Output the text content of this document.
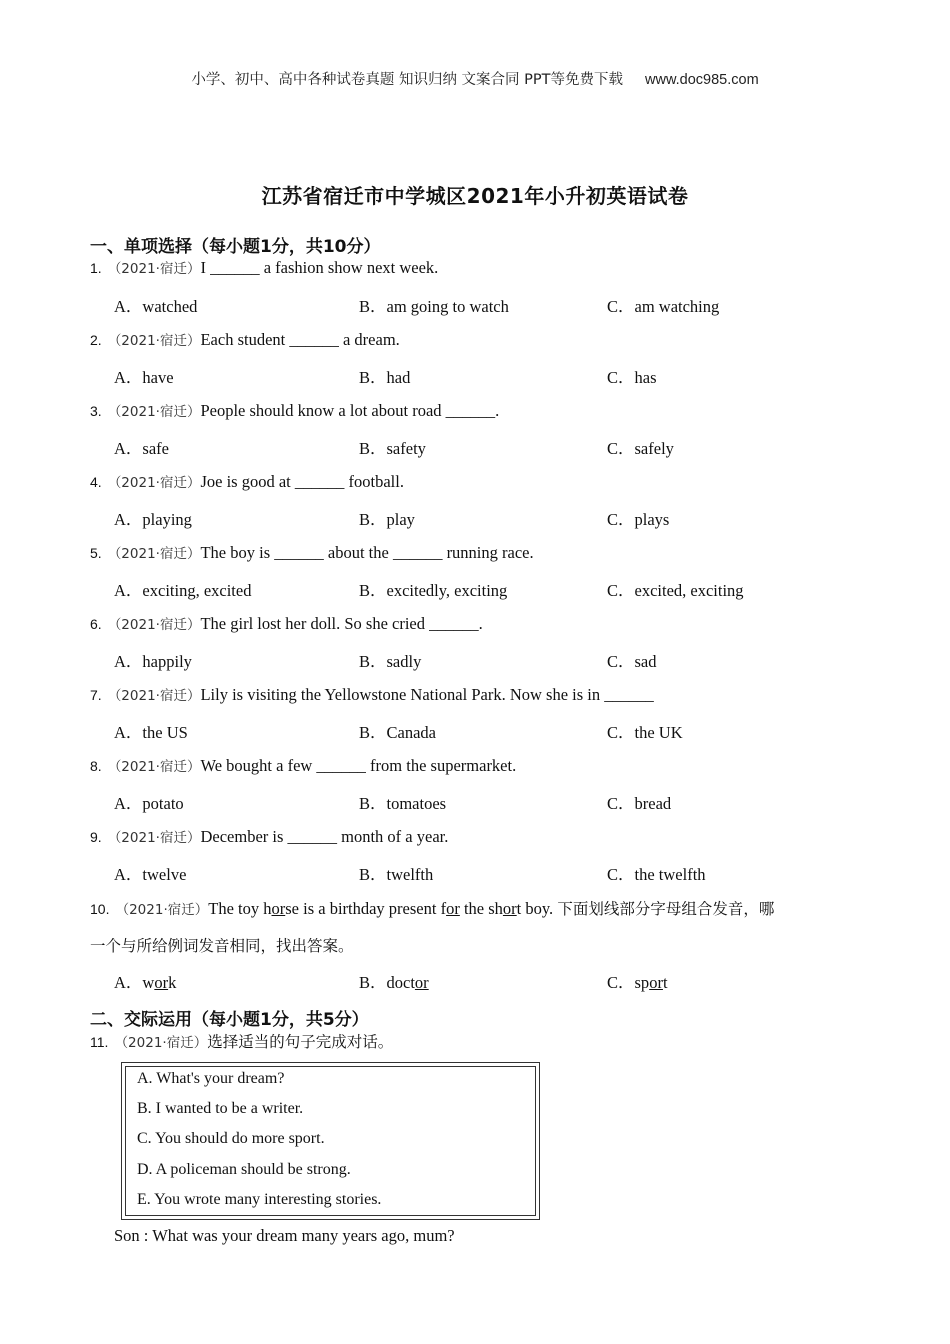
小学、初中、高中各种试卷真题 知识归纳 文案合同 PPT等免费下载 www.doc985.com
江苏省宿迁市中学城区2021年小升初英语试卷
一、单项选择（每小题1分，共10分）
1. （2021·宿迁）I ______ a fashion show next week.
A．watched	B．am going to watch	C．am watching
2. （2021·宿迁）Each student ______ a dream.
A．have	B．had	C．has
3. （2021·宿迁）People should know a lot about road ______.
A．safe	B．safety	C．safely
4. （2021·宿迁）Joe is good at ______ football.
A．playing	B．play	C．plays
5. （2021·宿迁）The boy is ______ about the ______ running race.
A．exciting, excited	B．excitedly, exciting	C．excited, exciting
6. （2021·宿迁）The girl lost her doll. So she cried ______.
A．happily	B．sadly	C．sad
7. （2021·宿迁）Lily is visiting the Yellowstone National Park. Now she is in ______
A．the US	B．Canada	C．the UK
8. （2021·宿迁）We bought a few ______ from the supermarket.
A．potato	B．tomatoes	C．bread
9. （2021·宿迁）December is ______ month of a year.
A．twelve	B．twelfth	C．the twelfth
10. （2021·宿迁）The toy horse is a birthday present for the short boy. 下面划线部分字母组合发音，哪
一个与所给例词发音相同，找出答案。
A．work	B．doctor	C．sport
二、交际运用（每小题1分，共5分）
11. （2021·宿迁）选择适当的句子完成对话。
A. What's your dream?
B. I wanted to be a writer.
C. You should do more sport.
D. A policeman should be strong.
E. You wrote many interesting stories.
Son : What was your dream many years ago, mum?
